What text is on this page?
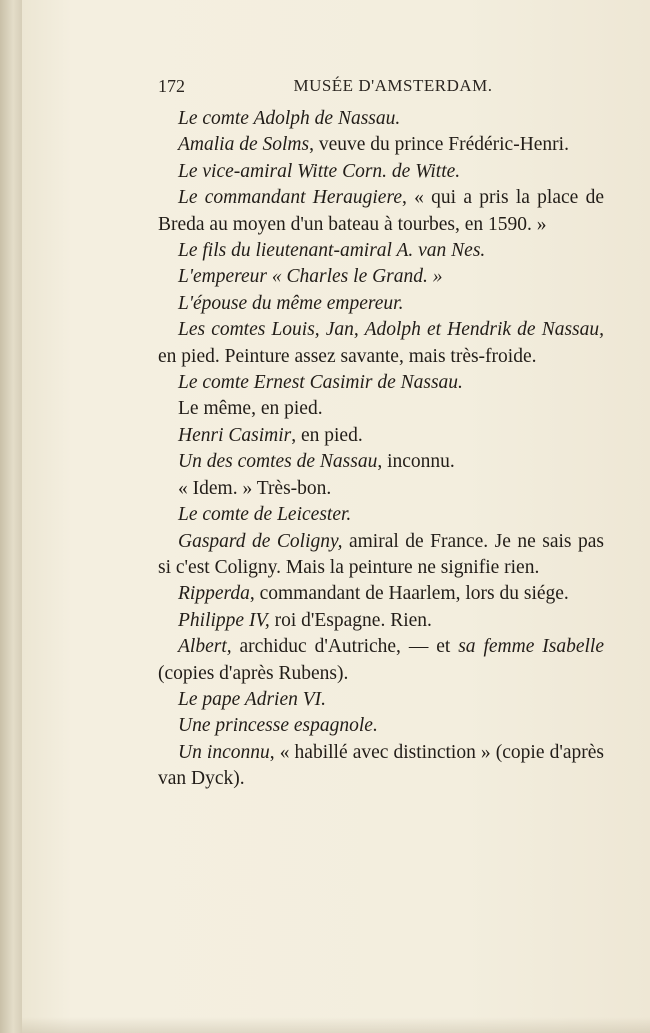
172	MUSÉE D'AMSTERDAM.

Le comte Adolph de Nassau.

Amalia de Solms, veuve du prince Frédéric-Henri.

Le vice-amiral Witte Corn. de Witte.

Le commandant Heraugiere, « qui a pris la place de Breda au moyen d'un bateau à tourbes, en 1590. »

Le fils du lieutenant-amiral A. van Nes.

L'empereur « Charles le Grand. »

L'épouse du même empereur.

Les comtes Louis, Jan, Adolph et Hendrik de Nassau, en pied. Peinture assez savante, mais très-froide.

Le comte Ernest Casimir de Nassau.

Le même, en pied.

Henri Casimir, en pied.

Un des comtes de Nassau, inconnu.

« Idem. » Très-bon.

Le comte de Leicester.

Gaspard de Coligny, amiral de France. Je ne sais pas si c'est Coligny. Mais la peinture ne signifie rien.

Ripperda, commandant de Haarlem, lors du siége.

Philippe IV, roi d'Espagne. Rien.

Albert, archiduc d'Autriche, — et sa femme Isabelle (copies d'après Rubens).

Le pape Adrien VI.

Une princesse espagnole.

Un inconnu, « habillé avec distinction » (copie d'après van Dyck).
